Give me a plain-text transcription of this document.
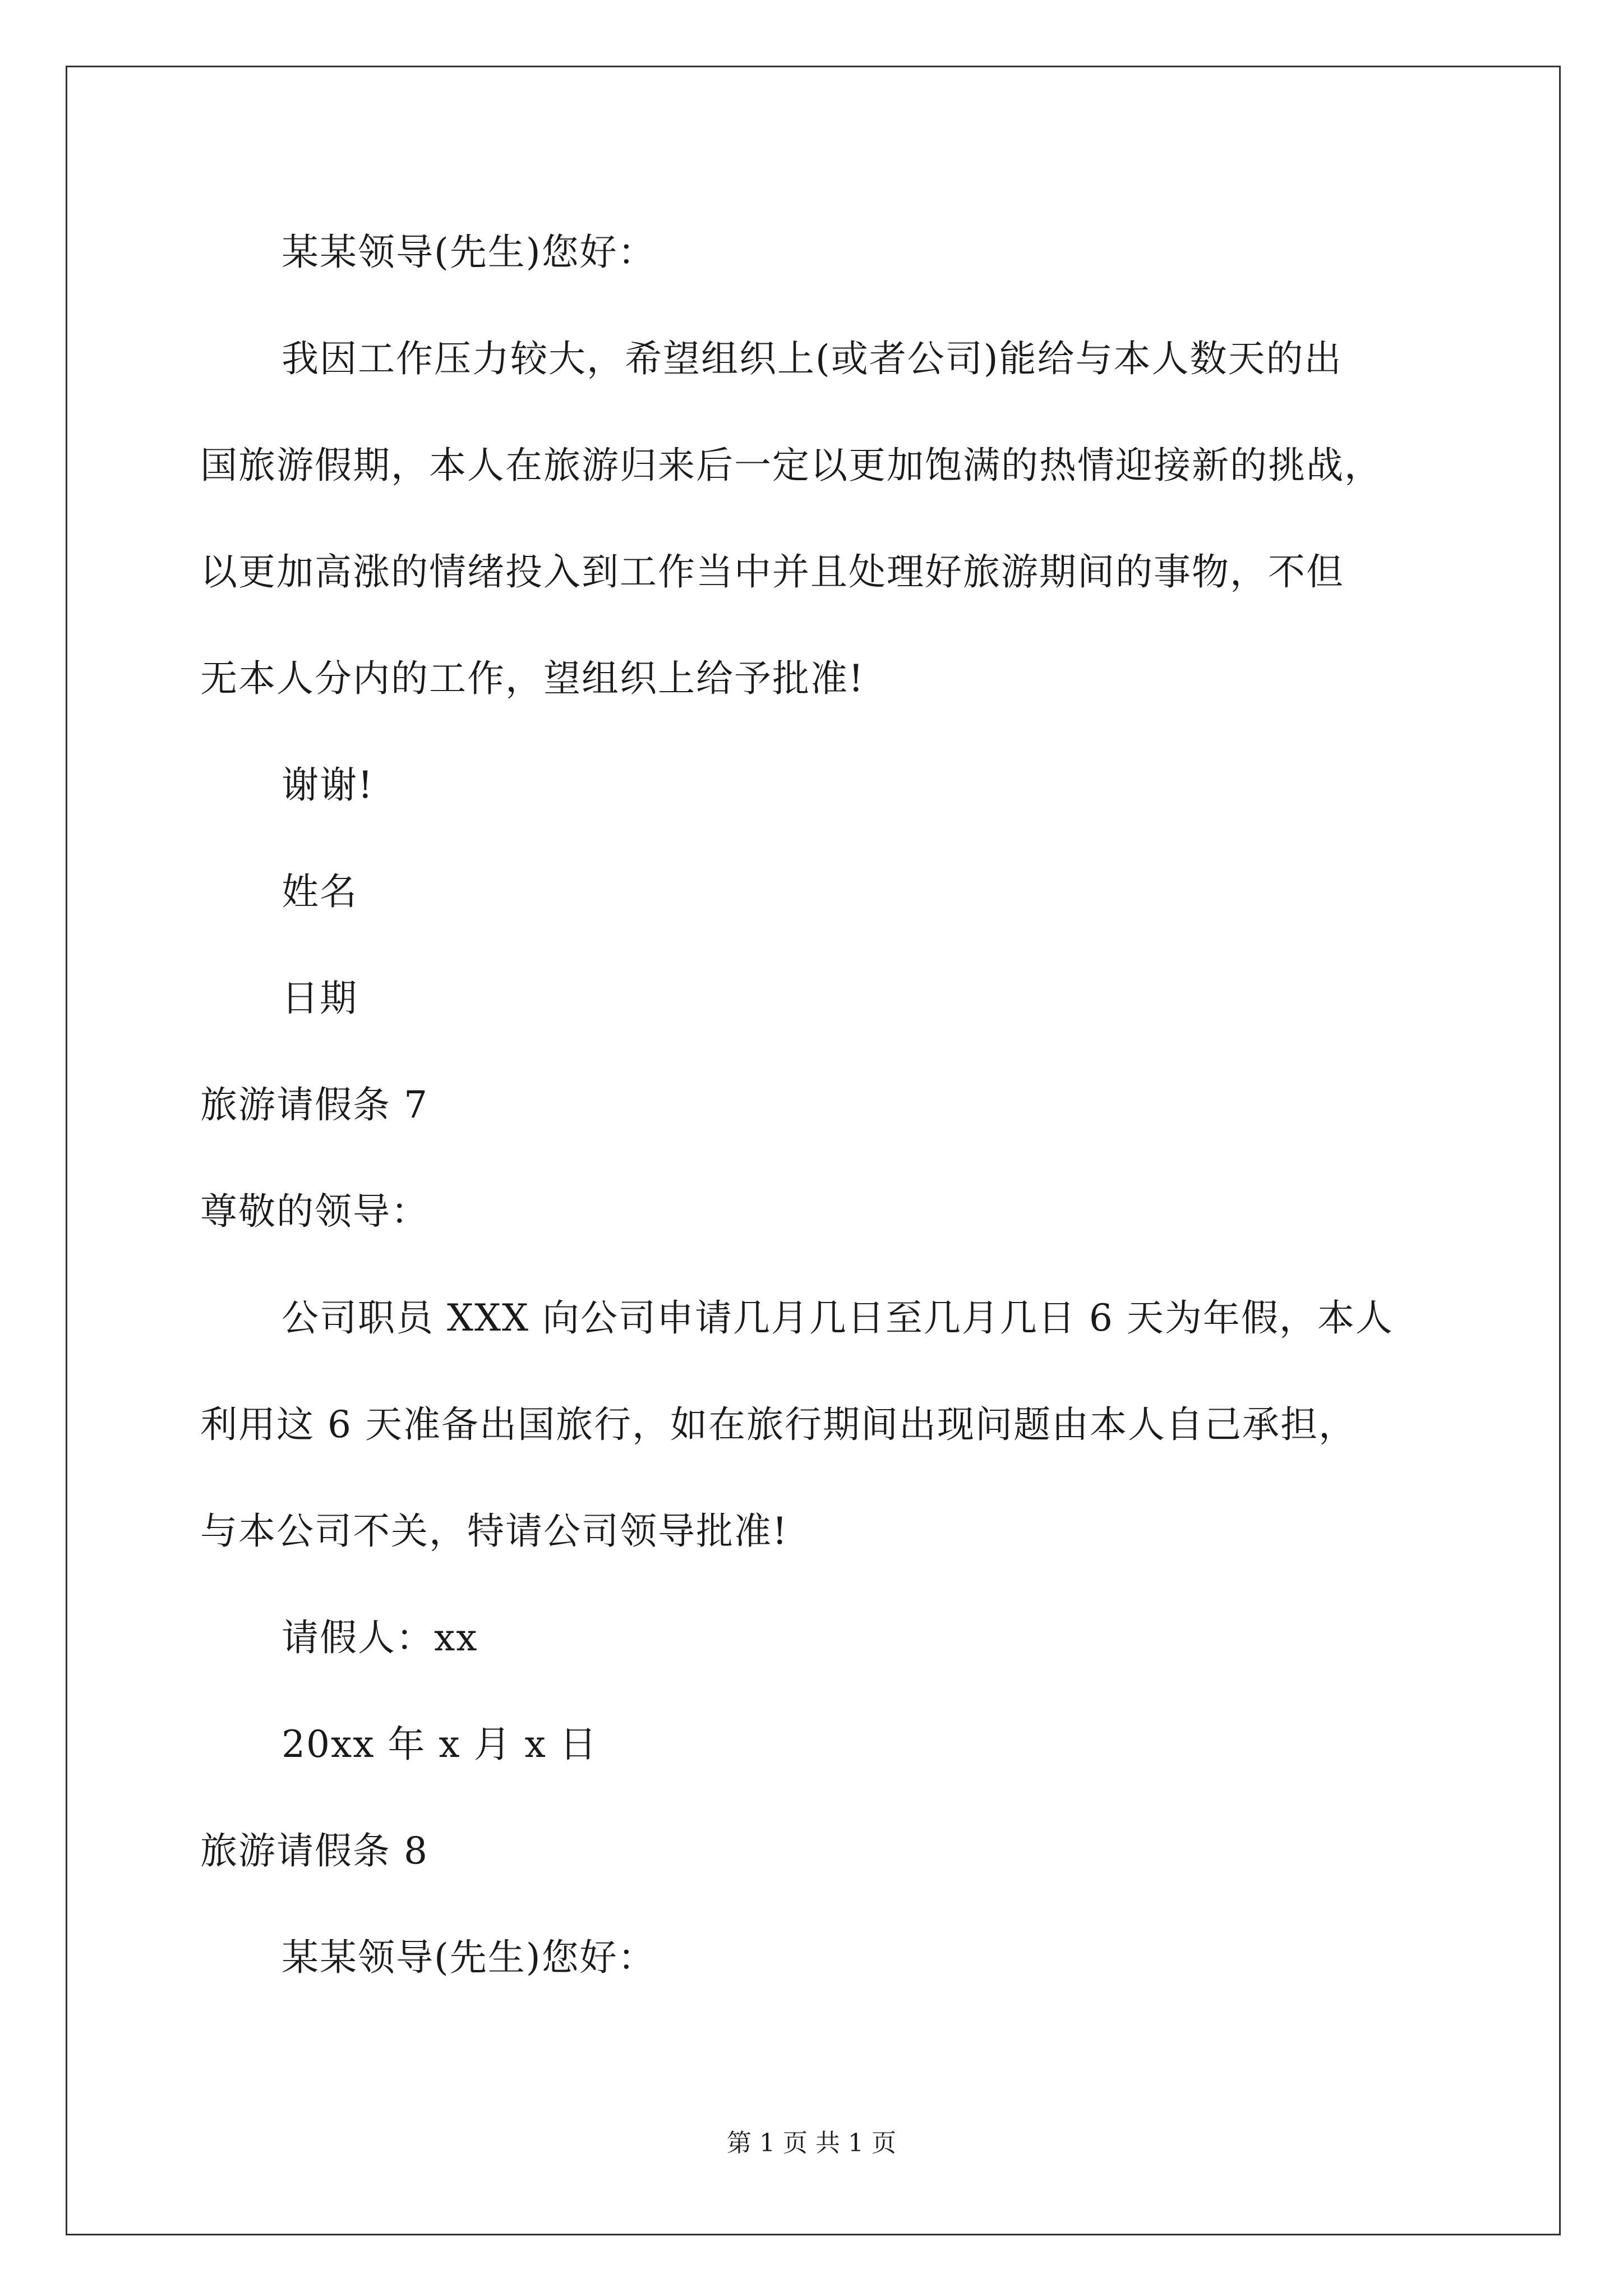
某某领导(先生)您好：
我因工作压力较大，希望组织上(或者公司)能给与本人数天的出
国旅游假期，本人在旅游归来后一定以更加饱满的热情迎接新的挑战，
以更加高涨的情绪投入到工作当中并且处理好旅游期间的事物，不但
无本人分内的工作，望组织上给予批准!
谢谢!
姓名
日期
旅游请假条 7
尊敬的领导：
公司职员 XXX 向公司申请几月几日至几月几日 6 天为年假，本人
利用这 6 天准备出国旅行，如在旅行期间出现问题由本人自己承担，
与本公司不关，特请公司领导批准!
请假人：xx
20xx 年 x 月 x 日
旅游请假条 8
某某领导(先生)您好：
第 1 页 共 1 页
